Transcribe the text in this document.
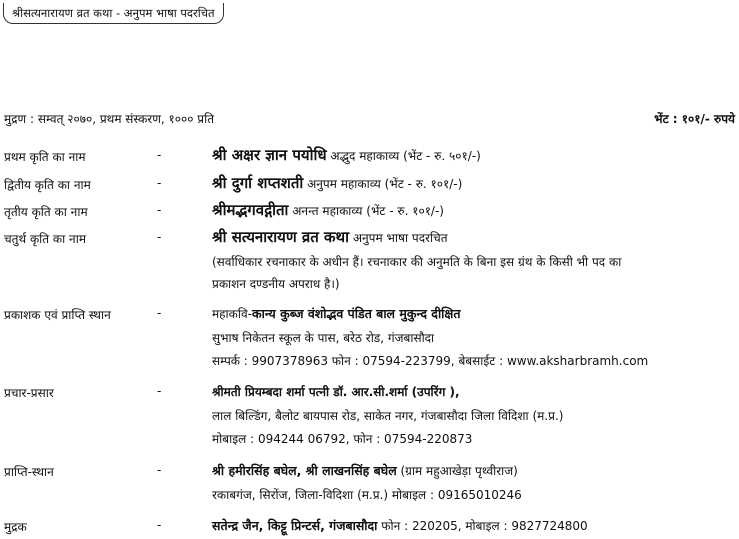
श्रीसत्यनारायण व्रत कथा - अनुपम भाषा पदरचित
मुद्रण : सम्वत् २०७०, प्रथम संस्करण, १००० प्रति	भेंट : १०१/- रुपये
प्रथम कृति का नाम	-	श्री अक्षर ज्ञान पयोधि अद्भुद महाकाव्य (भेंट - रु. ५०१/-)
द्वितीय कृति का नाम	-	श्री दुर्गा शप्तशती अनुपम महाकाव्य (भेंट - रु. १०१/-)
तृतीय कृति का नाम	-	श्रीमद्भगवद्गीता अनन्त महाकाव्य (भेंट - रु. १०१/-)
चतुर्थ कृति का नाम	-	श्री सत्यनारायण व्रत कथा अनुपम भाषा पदरचित
(सर्वाधिकार रचनाकार के अधीन हैं। रचनाकार की अनुमति के बिना इस ग्रंथ के किसी भी पद का
प्रकाशन दण्डनीय अपराध है।)
प्रकाशक एवं प्राप्ति स्थान	-	महाकवि-कान्य कुब्ज वंशोद्भव पंडित बाल मुकुन्द दीक्षित
सुभाष निकेतन स्कूल के पास, बरेठ रोड, गंजबासौदा
सम्पर्क : 9907378963 फोन : 07594-223799, बेबसाईट : www.aksharbramh.com
प्रचार-प्रसार	-	श्रीमती प्रियम्बदा शर्मा पत्नी डॉ. आर.सी.शर्मा (उपरिंग ),
लाल बिल्डिंग, बैलोट बायपास रोड, साकेत नगर, गंजबासौदा जिला विदिशा (म.प्र.)
मोबाइल : 094244 06792, फोन : 07594-220873
प्राप्ति-स्थान	-	श्री हमीरसिंह बघेल, श्री लाखनसिंह बघेल (ग्राम महुआखेड़ा पृथ्वीराज)
रकाबगंज, सिरोंज, जिला-विदिशा (म.प्र.) मोबाइल : 09165010246
मुद्रक	-	सतेन्द्र जैन, किट्टू प्रिन्टर्स, गंजबासौदा फोन : 220205, मोबाइल : 9827724800
